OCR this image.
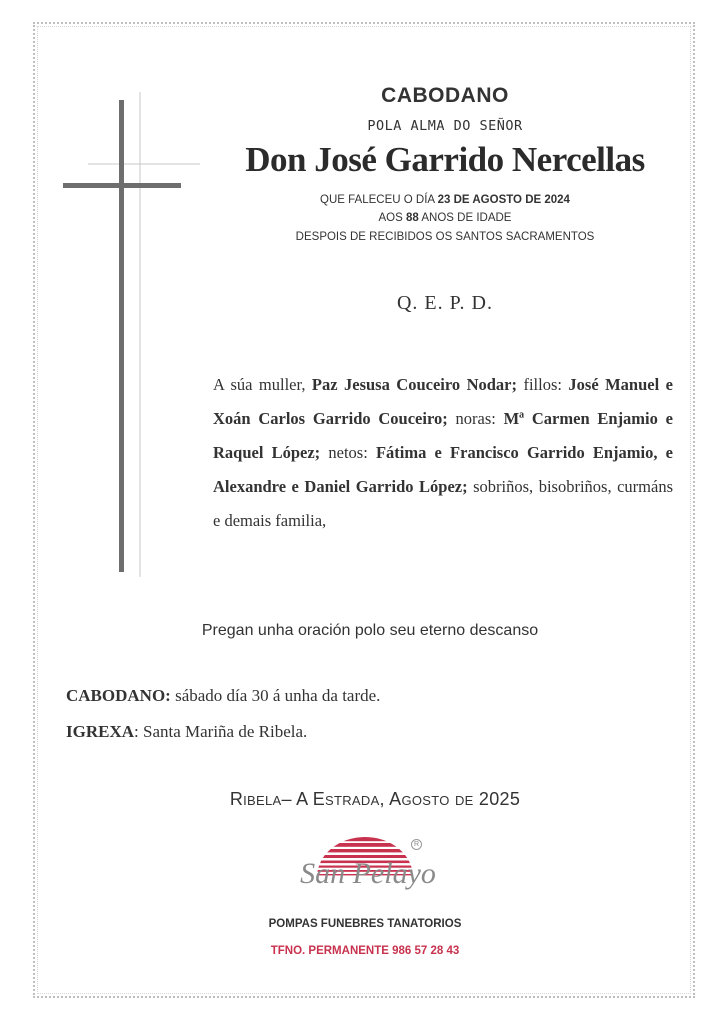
CABODANO
POLA ALMA DO SEÑOR
Don José Garrido Nercellas
QUE FALECEU O DÍA 23 DE AGOSTO DE 2024
AOS 88 ANOS DE IDADE
DESPOIS DE RECIBIDOS OS SANTOS SACRAMENTOS
Q. E. P. D.
A súa muller, Paz Jesusa Couceiro Nodar; fillos: José Manuel e Xoán Carlos Garrido Couceiro; noras: Mª Carmen Enjamio e Raquel López; netos: Fátima e Francisco Garrido Enjamio, e Alexandre e Daniel Garrido López; sobriños, bisobriños, curmáns e demais familia,
Pregan unha oración polo seu eterno descanso
CABODANO: sábado día 30 á unha da tarde.
IGREXA: Santa Mariña de Ribela.
Ribela– A Estrada, Agosto de 2025
R
San Pelayo
POMPAS FUNEBRES TANATORIOS
TFNO. PERMANENTE 986 57 28 43
